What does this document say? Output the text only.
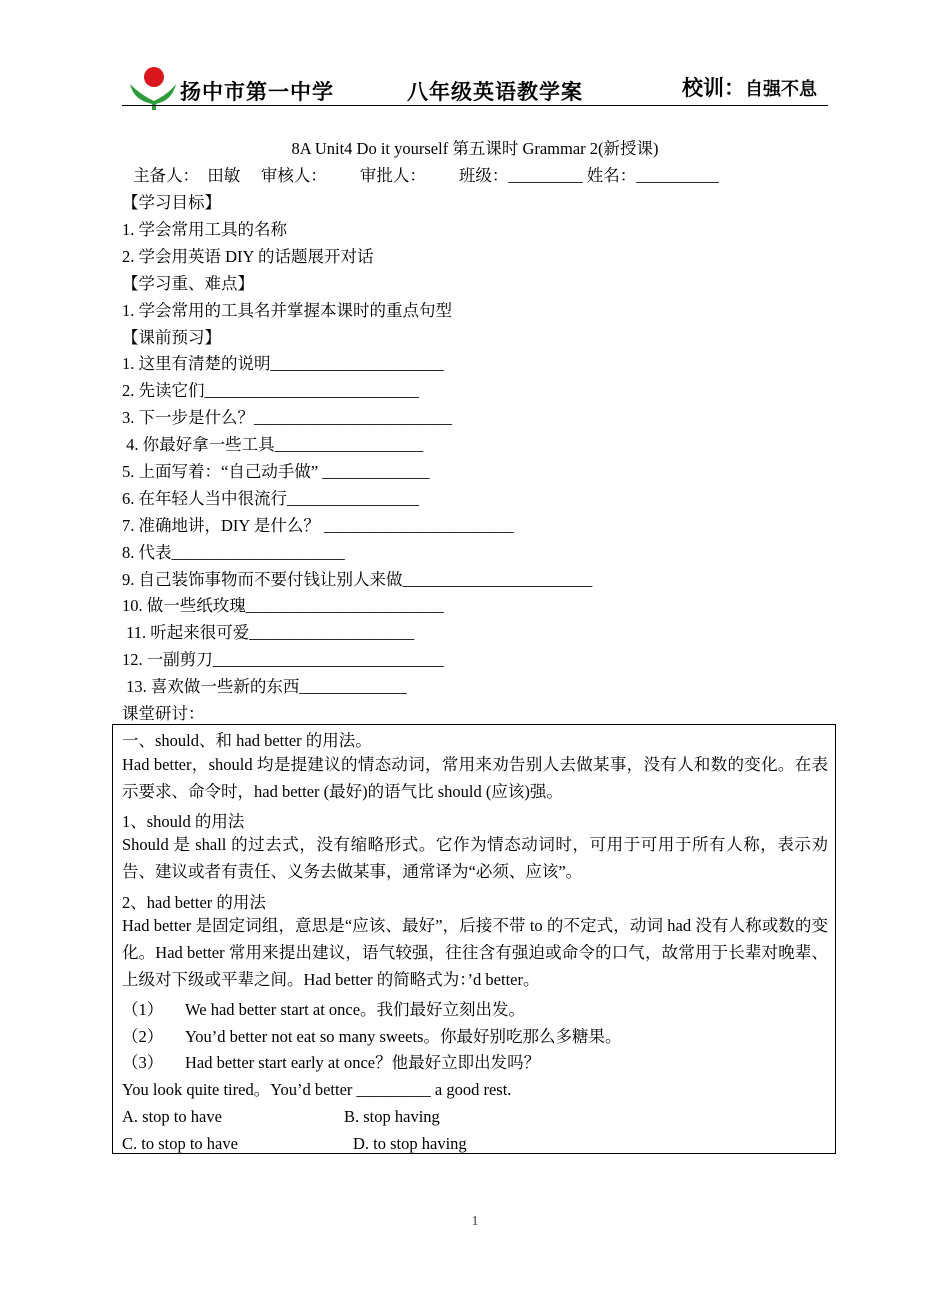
扬中市第一中学	八年级英语教学案	校训：自强不息
8A Unit4 Do it yourself 第五课时 Grammar 2(新授课)
主备人：  田敏     审核人：        审批人：        班级：_________ 姓名：__________
【学习目标】
1. 学会常用工具的名称
2. 学会用英语 DIY 的话题展开对话
【学习重、难点】
1. 学会常用的工具名并掌握本课时的重点句型
【课前预习】
1. 这里有清楚的说明_____________________
2. 先读它们__________________________
3. 下一步是什么？________________________
4. 你最好拿一些工具__________________
5. 上面写着：“自己动手做” _____________
6. 在年轻人当中很流行________________
7. 准确地讲，DIY 是什么？ _______________________
8. 代表_____________________
9. 自己装饰事物而不要付钱让别人来做_______________________
10. 做一些纸玫瑰________________________
11. 听起来很可爱____________________
12. 一副剪刀____________________________
13. 喜欢做一些新的东西_____________
课堂研讨：
一、should、和 had better 的用法。
Had better，should 均是提建议的情态动词，常用来劝告别人去做某事，没有人和数的变化。在表示要求、命令时，had better (最好)的语气比 should (应该)强。
1、should 的用法
Should 是 shall 的过去式，没有缩略形式。它作为情态动词时，可用于可用于所有人称，表示劝告、建议或者有责任、义务去做某事，通常译为“必须、应该”。
2、had better 的用法
Had better 是固定词组，意思是“应该、最好”，后接不带 to 的不定式，动词 had 没有人称或数的变化。Had better 常用来提出建议，语气较强，往往含有强迫或命令的口气，故常用于长辈对晚辈、上级对下级或平辈之间。Had better 的简略式为：’d better。
（1） We had better start at once。我们最好立刻出发。
（2） You’d better not eat so many sweets。你最好别吃那么多糖果。
（3） Had better start early at once？他最好立即出发吗？
You look quite tired。You’d better _________ a good rest.
A. stop to have	B. stop having
C. to stop to have	D. to stop having
1
